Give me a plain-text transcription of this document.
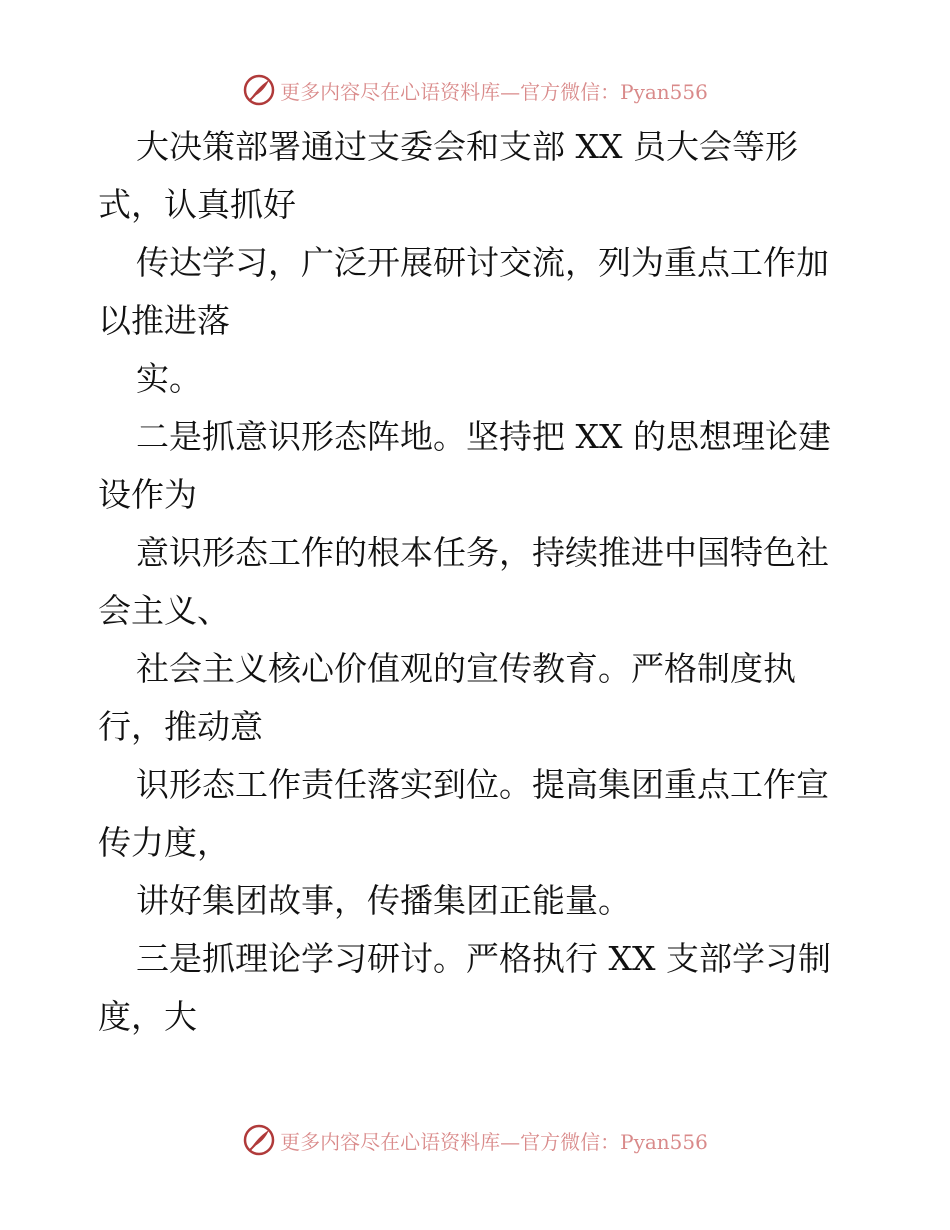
更多内容尽在心语资料库—官方微信：Pyan556
大决策部署通过支委会和支部 XX 员大会等形
式，认真抓好
传达学习，广泛开展研讨交流，列为重点工作加
以推进落
实。
二是抓意识形态阵地。坚持把 XX 的思想理论建
设作为
意识形态工作的根本任务，持续推进中国特色社
会主义、
社会主义核心价值观的宣传教育。严格制度执
行，推动意
识形态工作责任落实到位。提高集团重点工作宣
传力度，
讲好集团故事，传播集团正能量。
三是抓理论学习研讨。严格执行 XX 支部学习制
度，大
更多内容尽在心语资料库—官方微信：Pyan556
